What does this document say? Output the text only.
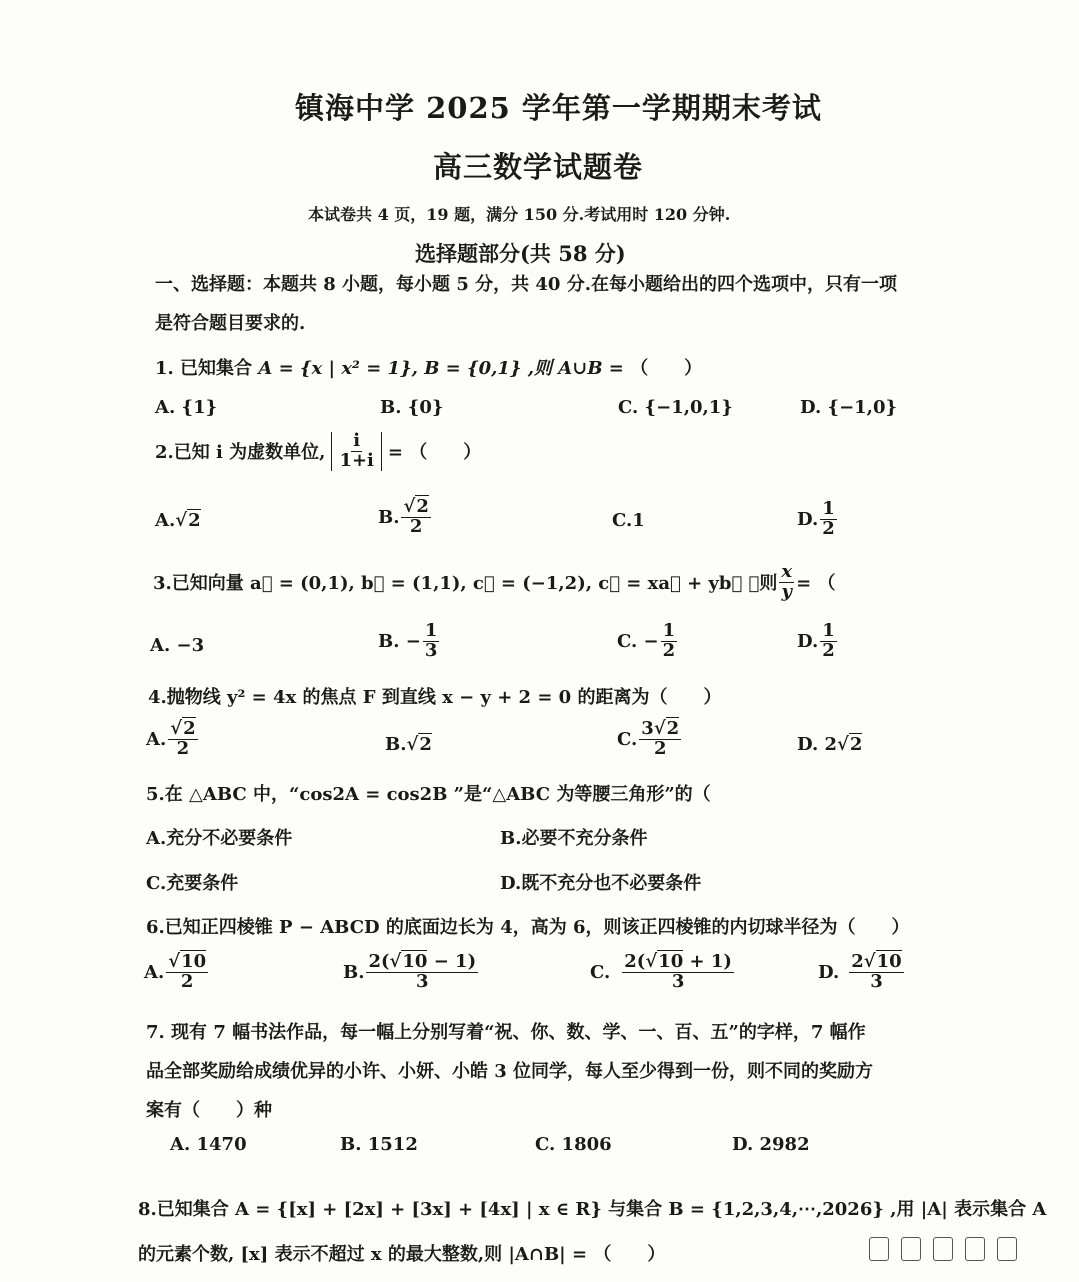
镇海中学 2025 学年第一学期期末考试
高三数学试题卷
本试卷共 4 页，19 题，满分 150 分.考试用时 120 分钟.
选择题部分(共 58 分)
一、选择题：本题共 8 小题，每小题 5 分，共 40 分.在每小题给出的四个选项中，只有一项
是符合题目要求的.
1. 已知集合 A = {x | x² = 1}, B = {0,1} ,则 A∪B = （　　）
A. {1}	B. {0}	C. {−1,0,1}	D. {−1,0}
2.已知 i 为虚数单位, $\frac{i}{1+i}$ = （　　）
A.√2	B. $\frac{√2}{2}$	C.1	D. $\frac{1}{2}$
3.已知向量 a⃗ = (0,1), b⃗ = (1,1), c⃗ = (−1,2), c⃗ = xa⃗ + yb⃗ ，则 $\frac{x}{y}$ = （
A. −3	B. − $\frac{1}{3}$	C. − $\frac{1}{2}$	D. $\frac{1}{2}$
4.抛物线 y² = 4x 的焦点 F 到直线 x − y + 2 = 0 的距离为（　　）
A. $\frac{√2}{2}$	B.√2	C. $\frac{3√2}{2}$	D. 2√2
5.在 △ABC 中，“cos2A = cos2B ”是“△ABC 为等腰三角形”的（
A.充分不必要条件	B.必要不充分条件
C.充要条件	D.既不充分也不必要条件
6.已知正四棱锥 P − ABCD 的底面边长为 4，高为 6，则该正四棱锥的内切球半径为（　　）
A. $\frac{√10}{2}$	B. $\frac{2(√10 - 1)}{3}$	C. $\frac{2(√10 + 1)}{3}$	D. $\frac{2√10}{3}$
7. 现有 7 幅书法作品，每一幅上分别写着“祝、你、数、学、一、百、五”的字样，7 幅作
品全部奖励给成绩优异的小许、小妍、小皓 3 位同学，每人至少得到一份，则不同的奖励方
案有（　　）种
A. 1470	B. 1512	C. 1806	D. 2982
8.已知集合 A = {[x] + [2x] + [3x] + [4x] | x ∈ R} 与集合 B = {1,2,3,4,⋯,2026} ,用 |A| 表示集合 A
的元素个数, [x] 表示不超过 x 的最大整数,则 |A∩B| = （　　）
